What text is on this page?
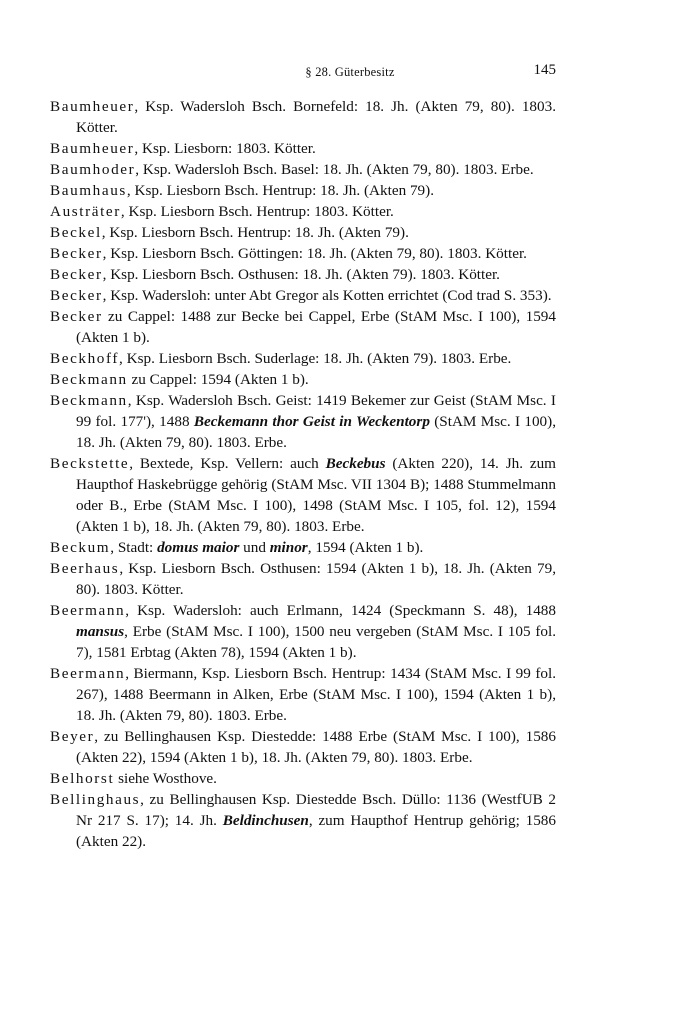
§ 28. Güterbesitz	145

Baumheuer, Ksp. Wadersloh Bsch. Bornefeld: 18. Jh. (Akten 79, 80). 1803. Kötter.

Baumheuer, Ksp. Liesborn: 1803. Kötter.

Baumhoder, Ksp. Wadersloh Bsch. Basel: 18. Jh. (Akten 79, 80). 1803. Erbe.

Baumhaus, Ksp. Liesborn Bsch. Hentrup: 18. Jh. (Akten 79).

Austräter, Ksp. Liesborn Bsch. Hentrup: 1803. Kötter.

Beckel, Ksp. Liesborn Bsch. Hentrup: 18. Jh. (Akten 79).

Becker, Ksp. Liesborn Bsch. Göttingen: 18. Jh. (Akten 79, 80). 1803. Kötter.

Becker, Ksp. Liesborn Bsch. Osthusen: 18. Jh. (Akten 79). 1803. Kötter.

Becker, Ksp. Wadersloh: unter Abt Gregor als Kotten errichtet (Cod trad S. 353).

Becker zu Cappel: 1488 zur Becke bei Cappel, Erbe (StAM Msc. I 100), 1594 (Akten 1 b).

Beckhoff, Ksp. Liesborn Bsch. Suderlage: 18. Jh. (Akten 79). 1803. Erbe.

Beckmann zu Cappel: 1594 (Akten 1 b).

Beckmann, Ksp. Wadersloh Bsch. Geist: 1419 Bekemer zur Geist (StAM Msc. I 99 fol. 177'), 1488 Beckemann thor Geist in Weckentorp (StAM Msc. I 100), 18. Jh. (Akten 79, 80). 1803. Erbe.

Beckstette, Bextede, Ksp. Vellern: auch Beckebus (Akten 220), 14. Jh. zum Haupthof Haskebrügge gehörig (StAM Msc. VII 1304 B); 1488 Stummelmann oder B., Erbe (StAM Msc. I 100), 1498 (StAM Msc. I 105, fol. 12), 1594 (Akten 1 b), 18. Jh. (Akten 79, 80). 1803. Erbe.

Beckum, Stadt: domus maior und minor, 1594 (Akten 1 b).

Beerhaus, Ksp. Liesborn Bsch. Osthusen: 1594 (Akten 1 b), 18. Jh. (Akten 79, 80). 1803. Kötter.

Beermann, Ksp. Wadersloh: auch Erlmann, 1424 (Speckmann S. 48), 1488 mansus, Erbe (StAM Msc. I 100), 1500 neu vergeben (StAM Msc. I 105 fol. 7), 1581 Erbtag (Akten 78), 1594 (Akten 1 b).

Beermann, Biermann, Ksp. Liesborn Bsch. Hentrup: 1434 (StAM Msc. I 99 fol. 267), 1488 Beermann in Alken, Erbe (StAM Msc. I 100), 1594 (Akten 1 b), 18. Jh. (Akten 79, 80). 1803. Erbe.

Beyer, zu Bellinghausen Ksp. Diestedde: 1488 Erbe (StAM Msc. I 100), 1586 (Akten 22), 1594 (Akten 1 b), 18. Jh. (Akten 79, 80). 1803. Erbe.

Belhorst siehe Wosthove.

Bellinghaus, zu Bellinghausen Ksp. Diestedde Bsch. Düllo: 1136 (WestfUB 2 Nr 217 S. 17); 14. Jh. Beldinchusen, zum Haupthof Hentrup gehörig; 1586 (Akten 22).
